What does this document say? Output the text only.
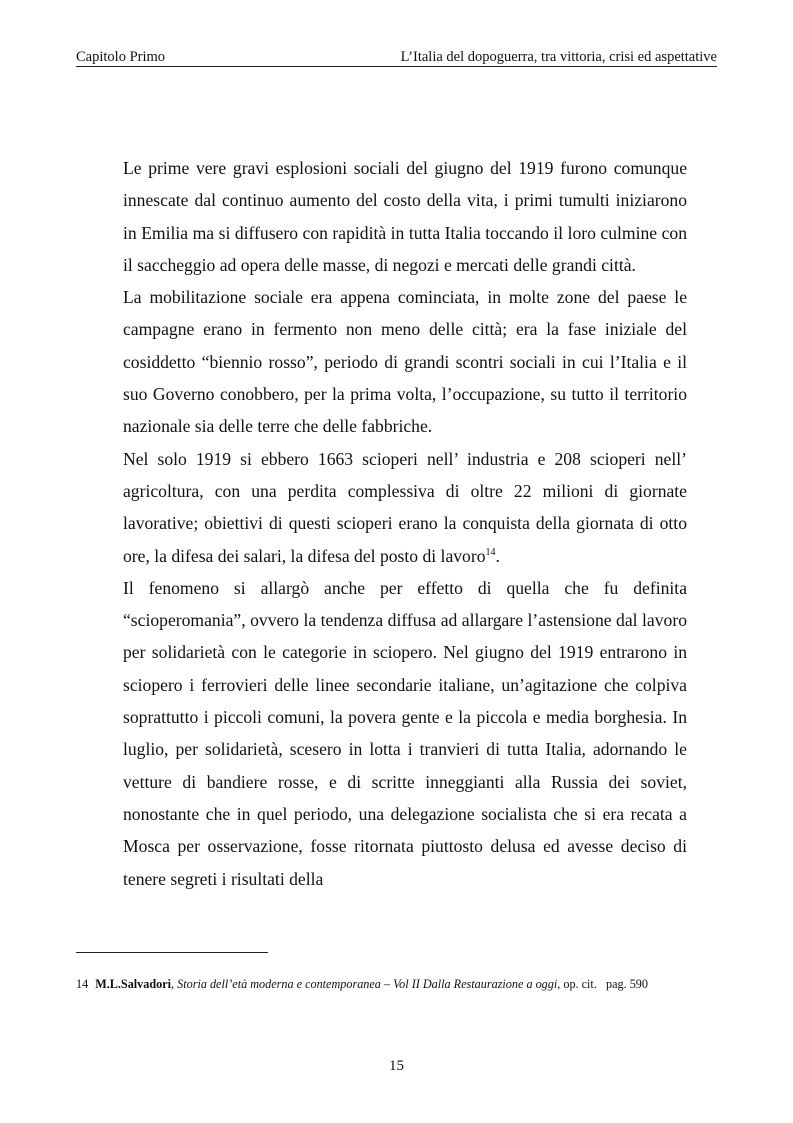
Capitolo Primo	L’Italia del dopoguerra, tra vittoria, crisi ed aspettative

Le prime vere gravi esplosioni sociali del giugno del 1919 furono comunque innescate dal continuo aumento del costo della vita, i primi tumulti iniziarono in Emilia ma si diffusero con rapidità in tutta Italia toccando il loro culmine con il saccheggio ad opera delle masse, di negozi e mercati delle grandi città.

La mobilitazione sociale era appena cominciata, in molte zone del paese le campagne erano in fermento non meno delle città; era la fase iniziale del cosiddetto “biennio rosso”, periodo di grandi scontri sociali in cui l’Italia e il suo Governo conobbero, per la prima volta, l’occupazione, su tutto il territorio nazionale sia delle terre che delle fabbriche.

Nel solo 1919 si ebbero 1663 scioperi nell’ industria e 208 scioperi nell’ agricoltura, con una perdita complessiva di oltre 22 milioni di giornate lavorative; obiettivi di questi scioperi erano la conquista della giornata di otto ore, la difesa dei salari, la difesa del posto di lavoro$^{14}$.

Il fenomeno si allargò anche per effetto di quella che fu definita “scioperomania”, ovvero la tendenza diffusa ad allargare l’astensione dal lavoro per solidarietà con le categorie in sciopero. Nel giugno del 1919 entrarono in sciopero i ferrovieri delle linee secondarie italiane, un’agitazione che colpiva soprattutto i piccoli comuni, la povera gente e la piccola e media borghesia. In luglio, per solidarietà, scesero in lotta i tranvieri di tutta Italia, adornando le vetture di bandiere rosse, e di scritte inneggianti alla Russia dei soviet, nonostante che in quel periodo, una delegazione socialista che si era recata a Mosca per osservazione, fosse ritornata piuttosto delusa ed avesse deciso di tenere segreti i risultati della

14 M.L.Salvadori, Storia dell’età moderna e contemporanea – Vol II Dalla Restaurazione a oggi, op. cit.   pag. 590
15
